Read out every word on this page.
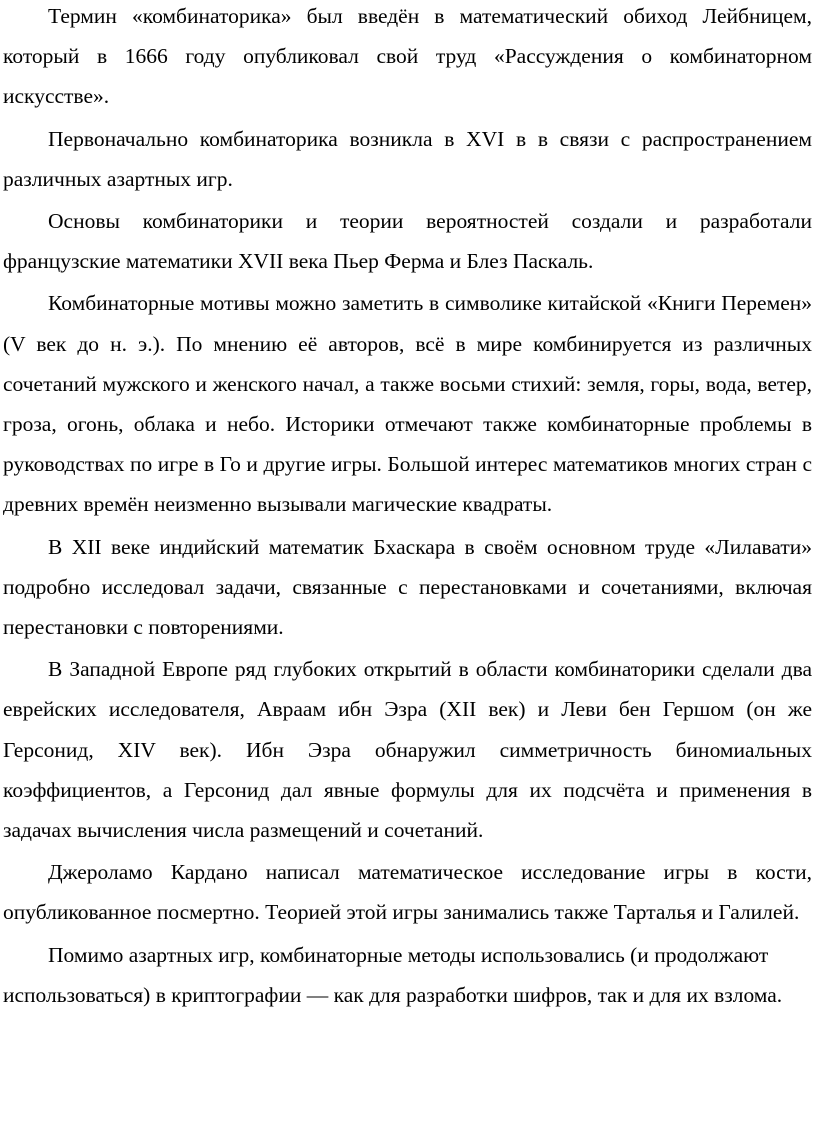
Термин «комбинаторика» был введён в математический обиход Лейбницем, который в 1666 году опубликовал свой труд «Рассуждения о комбинаторном искусстве».

Первоначально комбинаторика возникла в XVI в в связи с распространением различных азартных игр.

Основы комбинаторики и теории вероятностей создали и разработали французские математики XVII века Пьер Ферма и Блез Паскаль.

Комбинаторные мотивы можно заметить в символике китайской «Книги Перемен» (V век до н. э.). По мнению её авторов, всё в мире комбинируется из различных сочетаний мужского и женского начал, а также восьми стихий: земля, горы, вода, ветер, гроза, огонь, облака и небо. Историки отмечают также комбинаторные проблемы в руководствах по игре в Го и другие игры. Большой интерес математиков многих стран с древних времён неизменно вызывали магические квадраты.

В XII веке индийский математик Бхаскара в своём основном труде «Лилавати» подробно исследовал задачи, связанные с перестановками и сочетаниями, включая перестановки с повторениями.

В Западной Европе ряд глубоких открытий в области комбинаторики сделали два еврейских исследователя, Авраам ибн Эзра (XII век) и Леви бен Гершом (он же Герсонид, XIV век). Ибн Эзра обнаружил симметричность биномиальных коэффициентов, а Герсонид дал явные формулы для их подсчёта и применения в задачах вычисления числа размещений и сочетаний.

Джероламо Кардано написал математическое исследование игры в кости, опубликованное посмертно. Теорией этой игры занимались также Тарталья и Галилей.

Помимо азартных игр, комбинаторные методы использовались (и продолжают использоваться) в криптографии — как для разработки шифров, так и для их взлома.
